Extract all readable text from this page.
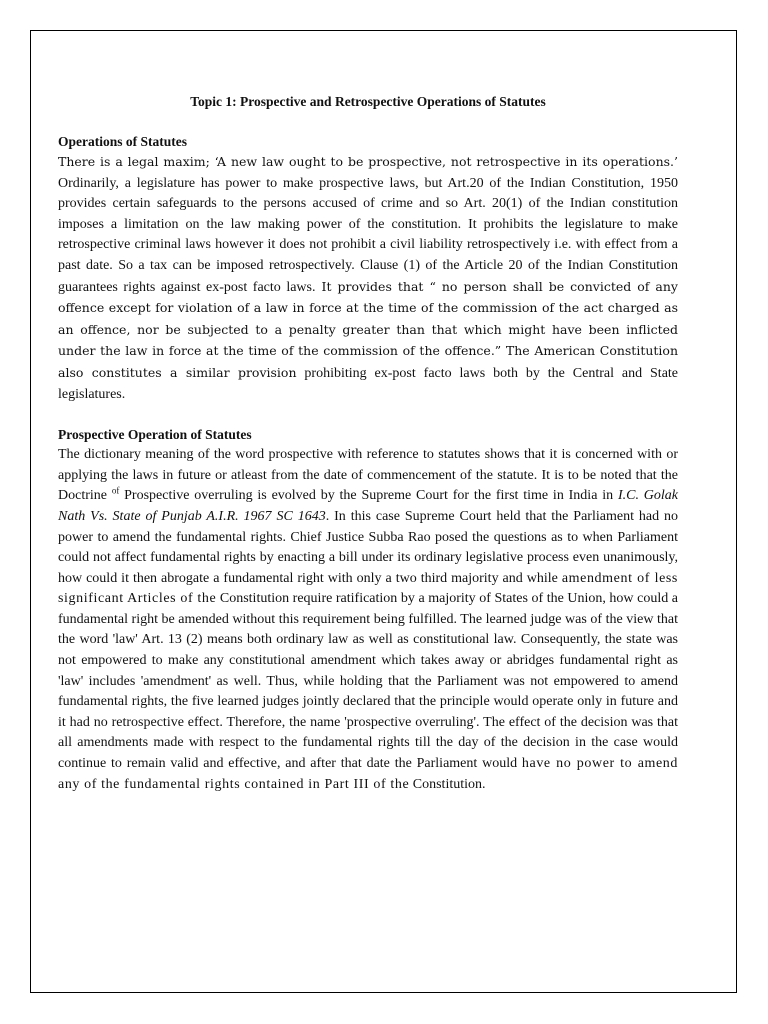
Topic 1: Prospective and Retrospective Operations of Statutes
Operations of Statutes

There is a legal maxim; ‘A new law ought to be prospective, not retrospective in its operations.’ Ordinarily, a legislature has power to make prospective laws, but Art.20 of the Indian Constitution, 1950 provides certain safeguards to the persons accused of crime and so Art. 20(1) of the Indian constitution imposes a limitation on the law making power of the constitution. It prohibits the legislature to make retrospective criminal laws however it does not prohibit a civil liability retrospectively i.e. with effect from a past date. So a tax can be imposed retrospectively. Clause (1) of the Article 20 of the Indian Constitution guarantees rights against ex-post facto laws. It provides that “ no person shall be convicted of any offence except for violation of a law in force at the time of the commission of the act charged as an offence, nor be subjected to a penalty greater than that which might have been inflicted under the law in force at the time of the commission of the offence.” The American Constitution also constitutes a similar provision prohibiting ex-post facto laws both by the Central and State legislatures.

Prospective Operation of Statutes

The dictionary meaning of the word prospective with reference to statutes shows that it is concerned with or applying the laws in future or atleast from the date of commencement of the statute. It is to be noted that the Doctrine $^{of}$ Prospective overruling is evolved by the Supreme Court for the first time in India in I.C. Golak Nath Vs. State of Punjab A.I.R. 1967 SC 1643. In this case Supreme Court held that the Parliament had no power to amend the fundamental rights. Chief Justice Subba Rao posed the questions as to when Parliament could not affect fundamental rights by enacting a bill under its ordinary legislative process even unanimously, how could it then abrogate a fundamental right with only a two third majority and while amendment of less significant Articles of the Constitution require ratification by a majority of States of the Union, how could a fundamental right be amended without this requirement being fulfilled. The learned judge was of the view that the word 'law' Art. 13 (2) means both ordinary law as well as constitutional law. Consequently, the state was not empowered to make any constitutional amendment which takes away or abridges fundamental right as 'law' includes 'amendment' as well. Thus, while holding that the Parliament was not empowered to amend fundamental rights, the five learned judges jointly declared that the principle would operate only in future and it had no retrospective effect. Therefore, the name 'prospective overruling'. The effect of the decision was that all amendments made with respect to the fundamental rights till the day of the decision in the case would continue to remain valid and effective, and after that date the Parliament would have no power to amend any of the fundamental rights contained in Part III of the Constitution.
